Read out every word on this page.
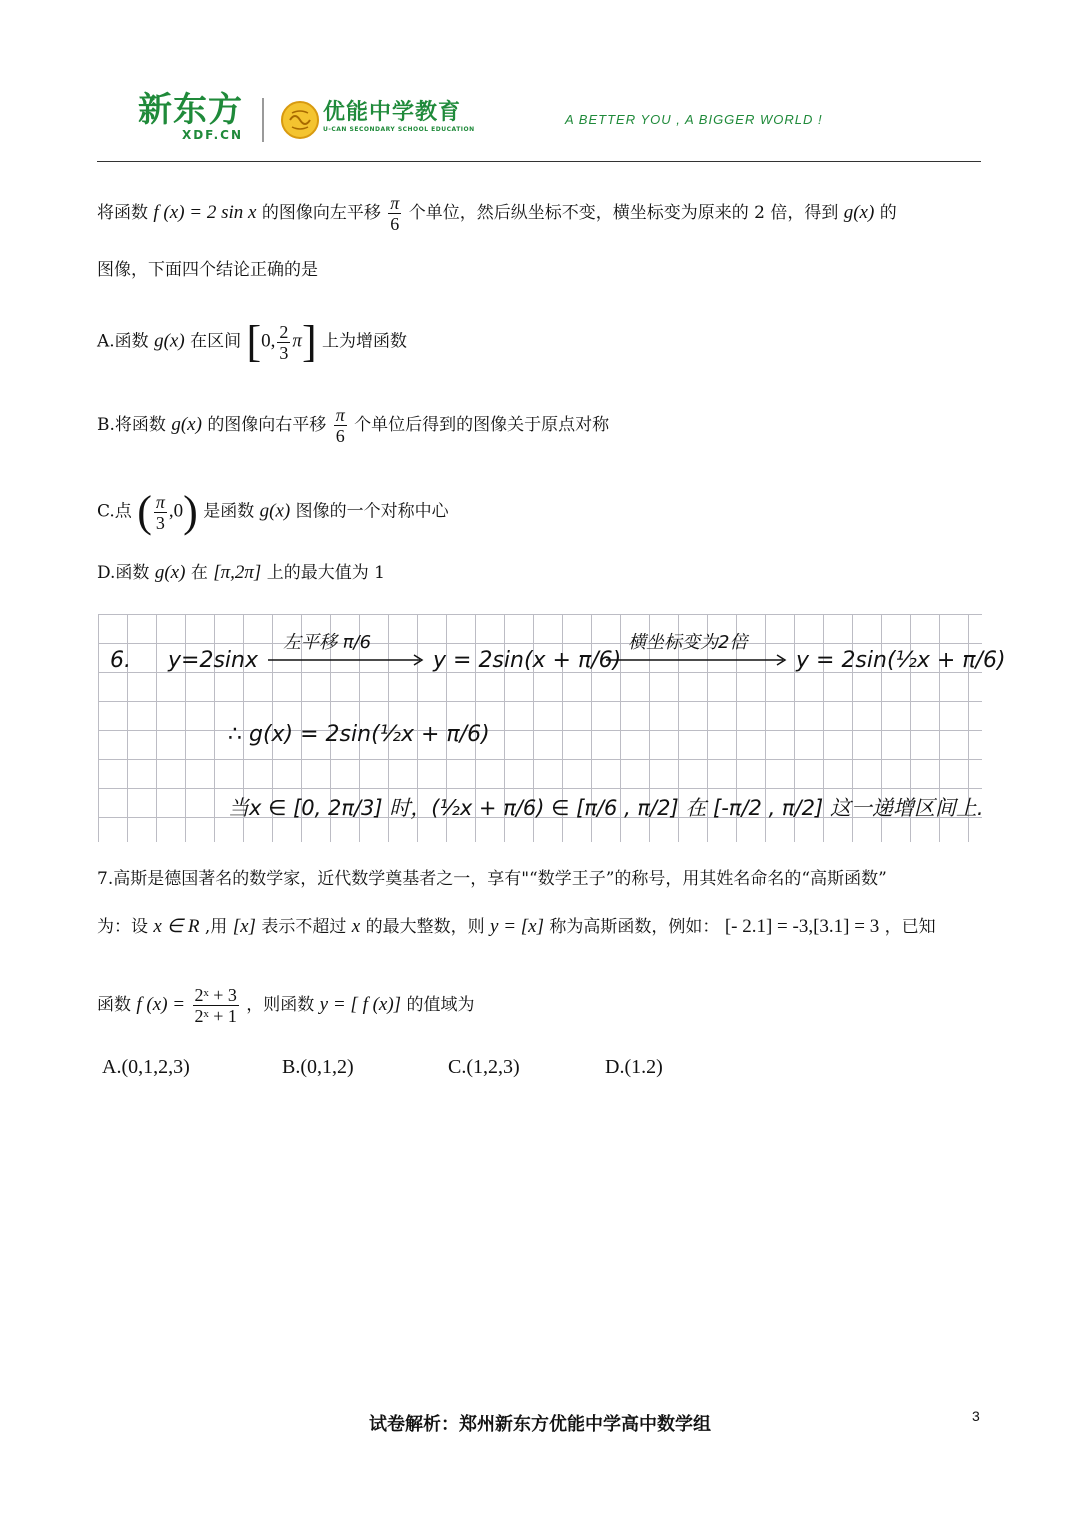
新东方
XDF.CN
优能中学教育
U-CAN SECONDARY SCHOOL EDUCATION
A BETTER YOU , A BIGGER WORLD !
将函数 f (x) = 2 sin x 的图像向左平移 $\frac{\pi}{6}$ 个单位，然后纵坐标不变，横坐标变为原来的 2 倍，得到 g(x) 的
图像，下面四个结论正确的是
A.函数 g(x) 在区间 [0, $\frac{2}{3} \pi$] 上为增函数
B.将函数 g(x) 的图像向右平移 $\frac{\pi}{6}$ 个单位后得到的图像关于原点对称
C.点 ( $\frac{\pi}{3} ,0$) 是函数 g(x) 图像的一个对称中心
D.函数 g(x) 在 [π,2π] 上的最大值为 1
6. y=2sinx
左平移 π/6
y = 2sin(x + π/6)
横坐标变为2倍
y = 2sin(½x + π/6)
∴ g(x) = 2sin(½x + π/6)
当x ∈ [0, 2π/3] 时，(½x + π/6) ∈ [π/6 , π/2] 在 [-π/2 , π/2] 这一递增区间上.
7.高斯是德国著名的数学家，近代数学奠基者之一，享有"“数学王子”的称号，用其姓名命名的“高斯函数”
为：设 x ∈ R ,用 [x] 表示不超过 x 的最大整数，则 y = [x] 称为高斯函数，例如： [- 2.1] = -3,[3.1] = 3 ，已知
函数 f $(x) = \frac{\text{2ˣ + 3}}{\text{2ˣ + 1}}$ ，则函数 y = [ f (x)] 的值域为
A.(0,1,2,3)	B.(0,1,2)	C.(1,2,3)	D.(1.2)
试卷解析：郑州新东方优能中学高中数学组	3
